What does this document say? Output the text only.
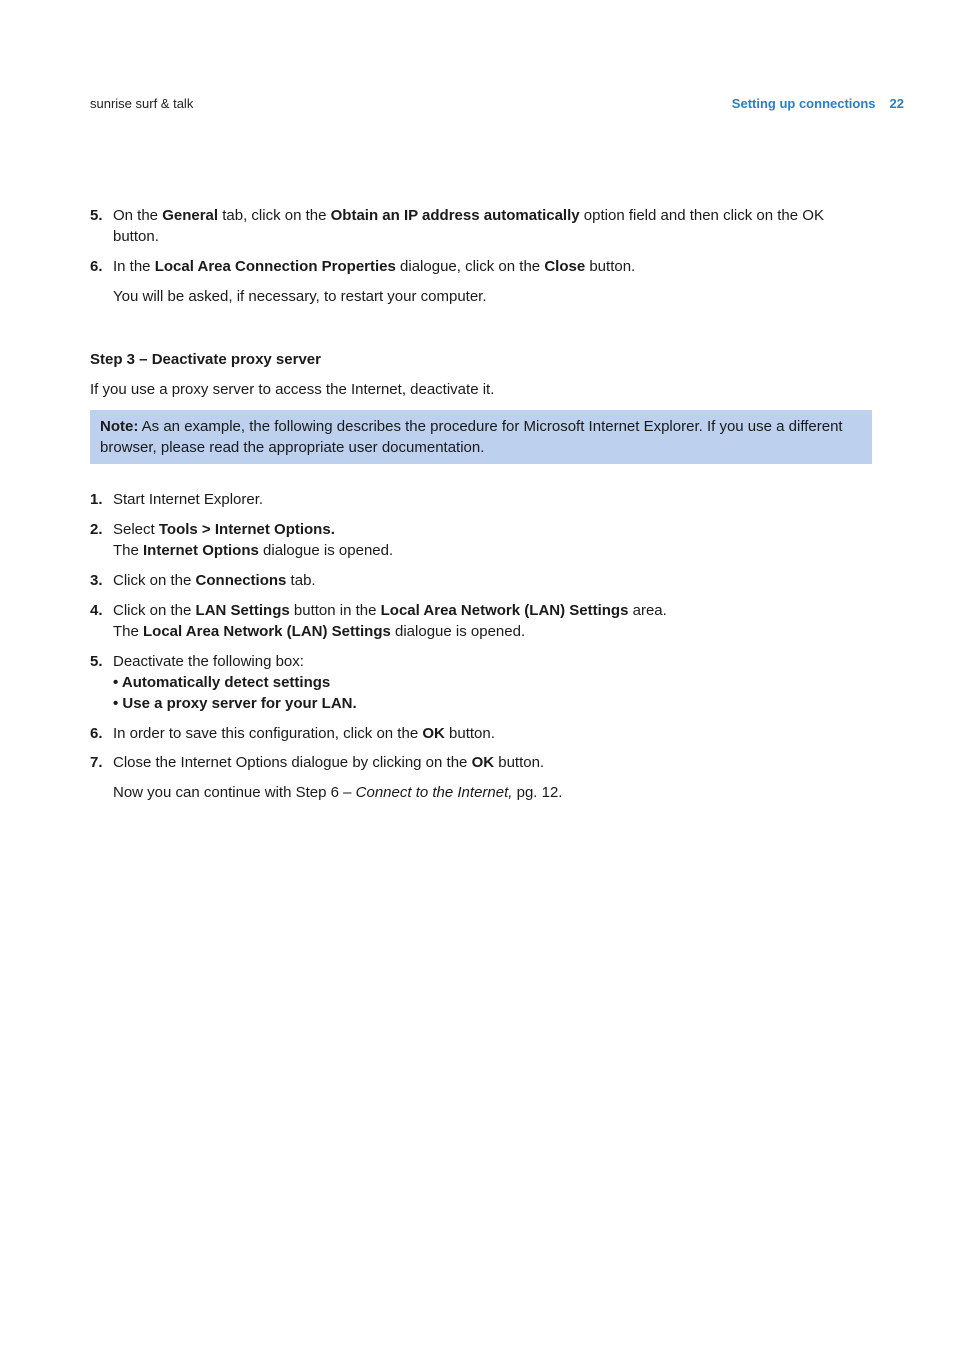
sunrise surf & talk	Setting up connections 22
5. On the General tab, click on the Obtain an IP address automatically option field and then click on the OK
button.
6. In the Local Area Connection Properties dialogue, click on the Close button.
You will be asked, if necessary, to restart your computer.
Step 3 – Deactivate proxy server
If you use a proxy server to access the Internet, deactivate it.
Note: As an example, the following describes the procedure for Microsoft Internet Explorer. If you use a different
browser, please read the appropriate user documentation.
1. Start Internet Explorer.
2. Select Tools > Internet Options.
The Internet Options dialogue is opened.
3. Click on the Connections tab.
4. Click on the LAN Settings button in the Local Area Network (LAN) Settings area.
The Local Area Network (LAN) Settings dialogue is opened.
5. Deactivate the following box:
• Automatically detect settings
• Use a proxy server for your LAN.
6. In order to save this configuration, click on the OK button.
7. Close the Internet Options dialogue by clicking on the OK button.
Now you can continue with Step 6 – Connect to the Internet, pg. 12.
